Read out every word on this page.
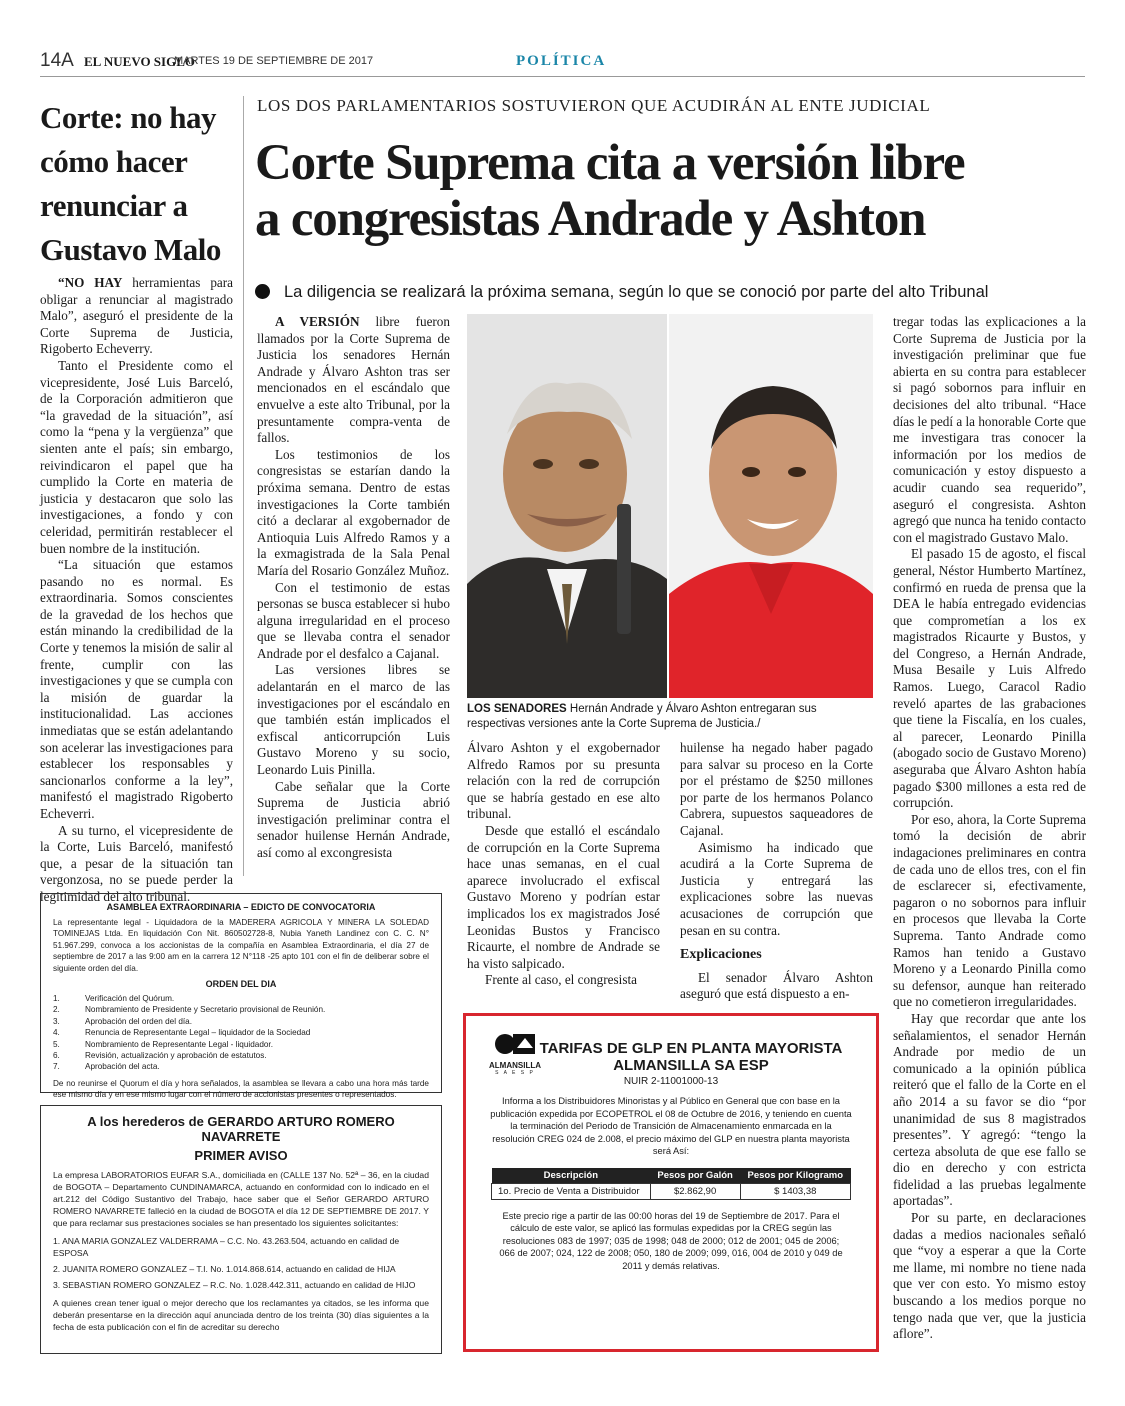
14A EL NUEVO SIGLO
MARTES 19 DE SEPTIEMBRE DE 2017	POLÍTICA
Corte: no hay cómo hacer renunciar a Gustavo Malo

“NO HAY herramientas para obligar a renunciar al magistrado Malo”, aseguró el presidente de la Corte Suprema de Justicia, Rigoberto Echeverry.

Tanto el Presidente como el vicepresidente, José Luis Barceló, de la Corporación admitieron que “la gravedad de la situación”, así como la “pena y la vergüenza” que sienten ante el país; sin embargo, reivindicaron el papel que ha cumplido la Corte en materia de justicia y destacaron que solo las investigaciones, a fondo y con celeridad, permitirán restablecer el buen nombre de la institución.

“La situación que estamos pasando no es normal. Es extraordinaria. Somos conscientes de la gravedad de los hechos que están minando la credibilidad de la Corte y tenemos la misión de salir al frente, cumplir con las investigaciones y que se cumpla con la misión de guardar la institucionalidad. Las acciones inmediatas que se están adelantando son acelerar las investigaciones para establecer los responsables y sancionarlos conforme a la ley”, manifestó el magistrado Rigoberto Echeverri.

A su turno, el vicepresidente de la Corte, Luis Barceló, manifestó que, a pesar de la situación tan vergonzosa, no se puede perder la legitimidad del alto tribunal.

LOS DOS PARLAMENTARIOS SOSTUVIERON QUE ACUDIRÁN AL ENTE JUDICIAL
Corte Suprema cita a versión libre
a congresistas Andrade y Ashton
La diligencia se realizará la próxima semana, según lo que se conoció por parte del alto Tribunal

A VERSIÓN libre fueron llamados por la Corte Suprema de Justicia los senadores Hernán Andrade y Álvaro Ashton tras ser mencionados en el escándalo que envuelve a este alto Tribunal, por la presuntamente compra-venta de fallos.

Los testimonios de los congresistas se estarían dando la próxima semana. Dentro de estas investigaciones la Corte también citó a declarar al exgobernador de Antioquia Luis Alfredo Ramos y a la exmagistrada de la Sala Penal María del Rosario González Muñoz.

Con el testimonio de estas personas se busca establecer si hubo alguna irregularidad en el proceso que se llevaba contra el senador Andrade por el desfalco a Cajanal.

Las versiones libres se adelantarán en el marco de las investigaciones por el escándalo en que también están implicados el exfiscal anticorrupción Luis Gustavo Moreno y su socio, Leonardo Luis Pinilla.

Cabe señalar que la Corte Suprema de Justicia abrió investigación preliminar contra el senador huilense Hernán Andrade, así como al excongresista

LOS SENADORES Hernán Andrade y Álvaro Ashton entregaran sus respectivas versiones ante la Corte Suprema de Justicia./

Álvaro Ashton y el exgobernador Alfredo Ramos por su presunta relación con la red de corrupción que se habría gestado en ese alto tribunal.

Desde que estalló el escándalo de corrupción en la Corte Suprema hace unas semanas, en el cual aparece involucrado el exfiscal Gustavo Moreno y podrían estar implicados los ex magistrados José Leonidas Bustos y Francisco Ricaurte, el nombre de Andrade se ha visto salpicado.

Frente al caso, el congresista

huilense ha negado haber pagado para salvar su proceso en la Corte por el préstamo de $250 millones por parte de los hermanos Polanco Cabrera, supuestos saqueadores de Cajanal.

Asimismo ha indicado que acudirá a la Corte Suprema de Justicia y entregará las explicaciones sobre las nuevas acusaciones de corrupción que pesan en su contra.

Explicaciones

El senador Álvaro Ashton aseguró que está dispuesto a en-

tregar todas las explicaciones a la Corte Suprema de Justicia por la investigación preliminar que fue abierta en su contra para establecer si pagó sobornos para influir en decisiones del alto tribunal. “Hace días le pedí a la honorable Corte que me investigara tras conocer la información por los medios de comunicación y estoy dispuesto a acudir cuando sea requerido”, aseguró el congresista. Ashton agregó que nunca ha tenido contacto con el magistrado Gustavo Malo.

El pasado 15 de agosto, el fiscal general, Néstor Humberto Martínez, confirmó en rueda de prensa que la DEA le había entregado evidencias que comprometían a los ex magistrados Ricaurte y Bustos, y del Congreso, a Hernán Andrade, Musa Besaile y Luis Alfredo Ramos. Luego, Caracol Radio reveló apartes de las grabaciones que tiene la Fiscalía, en los cuales, al parecer, Leonardo Pinilla (abogado socio de Gustavo Moreno) aseguraba que Álvaro Ashton había pagado $300 millones a esta red de corrupción.

Por eso, ahora, la Corte Suprema tomó la decisión de abrir indagaciones preliminares en contra de cada uno de ellos tres, con el fin de esclarecer si, efectivamente, pagaron o no sobornos para influir en procesos que llevaba la Corte Suprema. Tanto Andrade como Ramos han tenido a Gustavo Moreno y a Leonardo Pinilla como su defensor, aunque han reiterado que no cometieron irregularidades.

Hay que recordar que ante los señalamientos, el senador Hernán Andrade por medio de un comunicado a la opinión pública reiteró que el fallo de la Corte en el año 2014 a su favor se dio “por unanimidad de sus 8 magistrados presentes”. Y agregó: “tengo la certeza absoluta de que ese fallo se dio en derecho y con estricta fidelidad a las pruebas legalmente aportadas”.

Por su parte, en declaraciones dadas a medios nacionales señaló que “voy a esperar a que la Corte me llame, mi nombre no tiene nada que ver con esto. Yo mismo estoy buscando a los medios porque no tengo nada que ver, que la justicia aflore”.

ASAMBLEA EXTRAORDINARIA – EDICTO DE CONVOCATORIA
La representante legal - Liquidadora de la MADERERA AGRICOLA Y MINERA LA SOLEDAD TOMINEJAS Ltda. En liquidación Con Nit. 860502728-8, Nubia Yaneth Landinez con C. C. N° 51.967.299, convoca a los accionistas de la compañía en Asamblea Extraordinaria, el día 27 de septiembre de 2017 a las 9:00 am en la carrera 12 N°118 -25 apto 101 con el fin de deliberar sobre el siguiente orden del día.
ORDEN DEL DIA
1.	Verificación del Quórum.
2.	Nombramiento de Presidente y Secretario provisional de Reunión.
3.	Aprobación del orden del día.
4.	Renuncia de Representante Legal – liquidador de la Sociedad
5.	Nombramiento de Representante Legal - liquidador.
6.	Revisión, actualización y aprobación de estatutos.
7.	Aprobación del acta.
De no reunirse el Quorum el día y hora señalados, la asamblea se llevara a cabo una hora más tarde ese mismo día y en ese mismo lugar con el número de accionistas presentes o representados.
A los herederos de GERARDO ARTURO ROMERO NAVARRETE
PRIMER AVISO
La empresa LABORATORIOS EUFAR S.A., domiciliada en (CALLE 137 No. 52ª – 36, en la ciudad de BOGOTA – Departamento CUNDINAMARCA, actuando en conformidad con lo indicado en el art.212 del Código Sustantivo del Trabajo, hace saber que el Señor GERARDO ARTURO ROMERO NAVARRETE falleció en la ciudad de BOGOTA el día 12 DE SEPTIEMBRE DE 2017. Y que para reclamar sus prestaciones sociales se han presentado los siguientes solicitantes:
1. ANA MARIA GONZALEZ VALDERRAMA – C.C. No. 43.263.504, actuando en calidad de ESPOSA
2. JUANITA ROMERO GONZALEZ – T.I. No. 1.014.868.614, actuando en calidad de HIJA
3. SEBASTIAN ROMERO GONZALEZ – R.C. No. 1.028.442.311, actuando en calidad de HIJO
A quienes crean tener igual o mejor derecho que los reclamantes ya citados, se les informa que deberán presentarse en la dirección aquí anunciada dentro de los treinta (30) días siguientes a la fecha de esta publicación con el fin de acreditar su derecho
ALMANSILLA
S A E S P
TARIFAS DE GLP EN PLANTA MAYORISTA
ALMANSILLA SA ESP
NUIR 2-11001000-13
Informa a los Distribuidores Minoristas y al Público en General que con base en la publicación expedida por ECOPETROL el 08 de Octubre de 2016, y teniendo en cuenta la terminación del Periodo de Transición de Almacenamiento enmarcada en la resolución CREG 024 de 2.008, el precio máximo del GLP en nuestra planta mayorista será Así:
Descripción	Pesos por Galón	Pesos por Kilogramo
1o. Precio de Venta a Distribuidor	$2.862,90	$ 1403,38
Este precio rige a partir de las 00:00 horas del 19 de Septiembre de 2017. Para el cálculo de este valor, se aplicó las formulas expedidas por la CREG según las resoluciones 083 de 1997; 035 de 1998; 048 de 2000; 012 de 2001; 045 de 2006; 066 de 2007; 024, 122 de 2008; 050, 180 de 2009; 099, 016, 004 de 2010 y 049 de 2011 y demás relativas.
